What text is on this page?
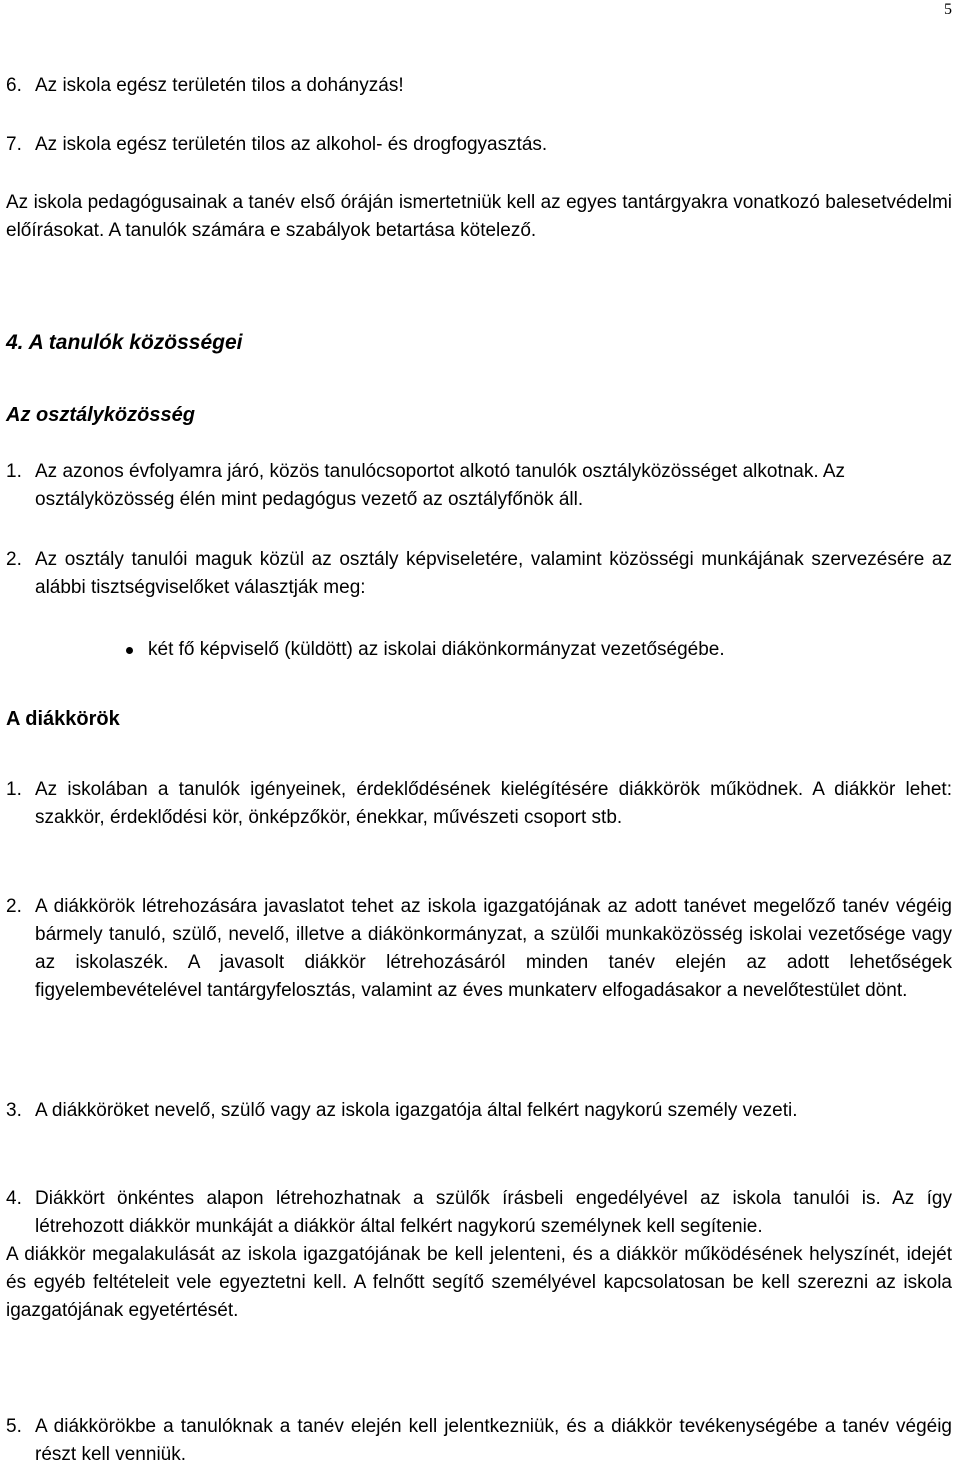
5
6. Az iskola egész területén tilos a dohányzás!
7. Az iskola egész területén tilos az alkohol- és drogfogyasztás.
Az iskola pedagógusainak a tanév első óráján ismertetniük kell az egyes tantárgyakra vonatkozó balesetvédelmi előírásokat. A tanulók számára e szabályok betartása kötelező.
4. A tanulók közösségei
Az osztályközösség
1. Az azonos évfolyamra járó, közös tanulócsoportot alkotó tanulók osztályközösséget alkotnak. Az osztályközösség élén mint pedagógus vezető az osztályfőnök áll.
2. Az osztály tanulói maguk közül az osztály képviseletére, valamint közösségi munkájának szervezésére az alábbi tisztségviselőket választják meg:
két fő képviselő (küldött) az iskolai diákönkormányzat vezetőségébe.
A diákkörök
1. Az iskolában a tanulók igényeinek, érdeklődésének kielégítésére diákkörök működnek. A diákkör lehet: szakkör, érdeklődési kör, önképzőkör, énekkar, művészeti csoport stb.
2. A diákkörök létrehozására javaslatot tehet az iskola igazgatójának az adott tanévet megelőző tanév végéig bármely tanuló, szülő, nevelő, illetve a diákönkormányzat, a szülői munkaközösség iskolai vezetősége vagy az iskolaszék. A javasolt diákkör létrehozásáról minden tanév elején az adott lehetőségek figyelembevételével tantárgyfelosztás, valamint az éves munkaterv elfogadásakor a nevelőtestület dönt.
3. A diákköröket nevelő, szülő vagy az iskola igazgatója által felkért nagykorú személy vezeti.
4. Diákkört önkéntes alapon létrehozhatnak a szülők írásbeli engedélyével az iskola tanulói is. Az így létrehozott diákkör munkáját a diákkör által felkért nagykorú személynek kell segítenie.
A diákkör megalakulását az iskola igazgatójának be kell jelenteni, és a diákkör működésének helyszínét, idejét és egyéb feltételeit vele egyeztetni kell. A felnőtt segítő személyével kapcsolatosan be kell szerezni az iskola igazgatójának egyetértését.
5. A diákkörökbe a tanulóknak a tanév elején kell jelentkezniük, és a diákkör tevékenységébe a tanév végéig részt kell venniük.
